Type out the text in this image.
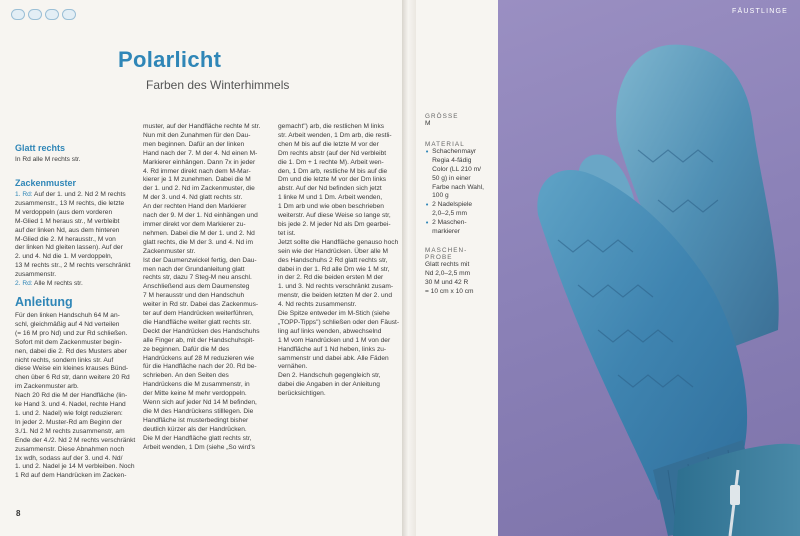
Polarlicht
Farben des Winterhimmels
Glatt rechts
In Rd alle M rechts str.
Zackenmuster
1. Rd: Auf der 1. und 2. Nd 2 M rechts
zusammenstr., 13 M rechts, die letzte
M verdoppeln (aus dem vorderen
M-Glied 1 M heraus str., M verbleibt
auf der linken Nd, aus dem hinteren
M-Glied die 2. M herausstr., M von
der linken Nd gleiten lassen). Auf der
2. und 4. Nd die 1. M verdoppeln,
13 M rechts str., 2 M rechts verschränkt
zusammenstr.
2. Rd: Alle M rechts str.
Anleitung
Für den linken Handschuh 64 M an-
schl, gleichmäßig auf 4 Nd verteilen
(= 16 M pro Nd) und zur Rd schließen.
Sofort mit dem Zackenmuster begin-
nen, dabei die 2. Rd des Musters aber
nicht rechts, sondern links str. Auf
diese Weise ein kleines krauses Bünd-
chen über 6 Rd str, dann weitere 20 Rd
im Zackenmuster arb.
Nach 20 Rd die M der Handfläche (lin-
ke Hand 3. und 4. Nadel, rechte Hand
1. und 2. Nadel) wie folgt reduzieren:
In jeder 2. Muster-Rd am Beginn der
3./1. Nd 2 M rechts zusammenstr, am
Ende der 4./2. Nd 2 M rechts verschränkt
zusammenstr. Diese Abnahmen noch
1x wdh, sodass auf der 3. und 4. Nd/
1. und 2. Nadel je 14 M verbleiben. Noch
1 Rd auf dem Handrücken im Zacken-
muster, auf der Handfläche rechte M str.
Nun mit den Zunahmen für den Dau-
men beginnen. Dafür an der linken
Hand nach der 7. M der 4. Nd einen M-
Markierer einhängen. Dann 7x in jeder
4. Rd immer direkt nach dem M-Mar-
kierer je 1 M zunehmen. Dabei die M
der 1. und 2. Nd im Zackenmuster, die
M der 3. und 4. Nd glatt rechts str.
An der rechten Hand den Markierer
nach der 9. M der 1. Nd einhängen und
immer direkt vor dem Markierer zu-
nehmen. Dabei die M der 1. und 2. Nd
glatt rechts, die M der 3. und 4. Nd im
Zackenmuster str.
Ist der Daumenzwickel fertig, den Dau-
men nach der Grundanleitung glatt
rechts str, dazu 7 Steg-M neu anschl.
Anschließend aus dem Daumensteg
7 M herausstr und den Handschuh
weiter in Rd str. Dabei das Zackenmus-
ter auf dem Handrücken weiterführen,
die Handfläche weiter glatt rechts str.
Deckt der Handrücken des Handschuhs
alle Finger ab, mit der Handschuhspit-
ze beginnen. Dafür die M des
Handrückens auf 28 M reduzieren wie
für die Handfläche nach der 20. Rd be-
schrieben. An den Seiten des
Handrückens die M zusammenstr, in
der Mitte keine M mehr verdoppeln.
Wenn sich auf jeder Nd 14 M befinden,
die M des Handrückens stilllegen. Die
Handfläche ist musterbedingt bisher
deutlich kürzer als der Handrücken.
Die M der Handfläche glatt rechts str,
Arbeit wenden, 1 Dm (siehe „So wird's
gemacht") arb, die restlichen M links
str. Arbeit wenden, 1 Dm arb, die restli-
chen M bis auf die letzte M vor der
Dm rechts abstr (auf der Nd verbleibt
die 1. Dm + 1 rechte M). Arbeit wen-
den, 1 Dm arb, restliche M bis auf die
Dm und die letzte M vor der Dm links
abstr. Auf der Nd befinden sich jetzt
1 linke M und 1 Dm. Arbeit wenden,
1 Dm arb und wie oben beschrieben
weiterstr. Auf diese Weise so lange str,
bis jede 2. M jeder Nd als Dm gearbei-
tet ist.
Jetzt sollte die Handfläche genauso hoch
sein wie der Handrücken. Über alle M
des Handschuhs 2 Rd glatt rechts str,
dabei in der 1. Rd alle Dm wie 1 M str,
in der 2. Rd die beiden ersten M der
1. und 3. Nd rechts verschränkt zusam-
menstr, die beiden letzten M der 2. und
4. Nd rechts zusammenstr.
Die Spitze entweder im M-Stich (siehe
„TOPP-Tipps") schließen oder den Fäust-
ling auf links wenden, abwechselnd
1 M vom Handrücken und 1 M von der
Handfläche auf 1 Nd heben, links zu-
sammenstr und dabei abk. Alle Fäden
vernähen.
Den 2. Handschuh gegengleich str,
dabei die Angaben in der Anleitung
berücksichtigen.
8
GRÖSSE
M
MATERIAL
• Schachenmayr
Regia 4-fädig
Color (LL 210 m/
50 g) in einer
Farbe nach Wahl,
100 g
• 2 Nadelspiele
2,0–2,5 mm
• 2 Maschen-
markierer
MASCHEN-
PROBE
Glatt rechts mit
Nd 2,0–2,5 mm
30 M und 42 R
= 10 cm x 10 cm
FÄUSTLINGE
